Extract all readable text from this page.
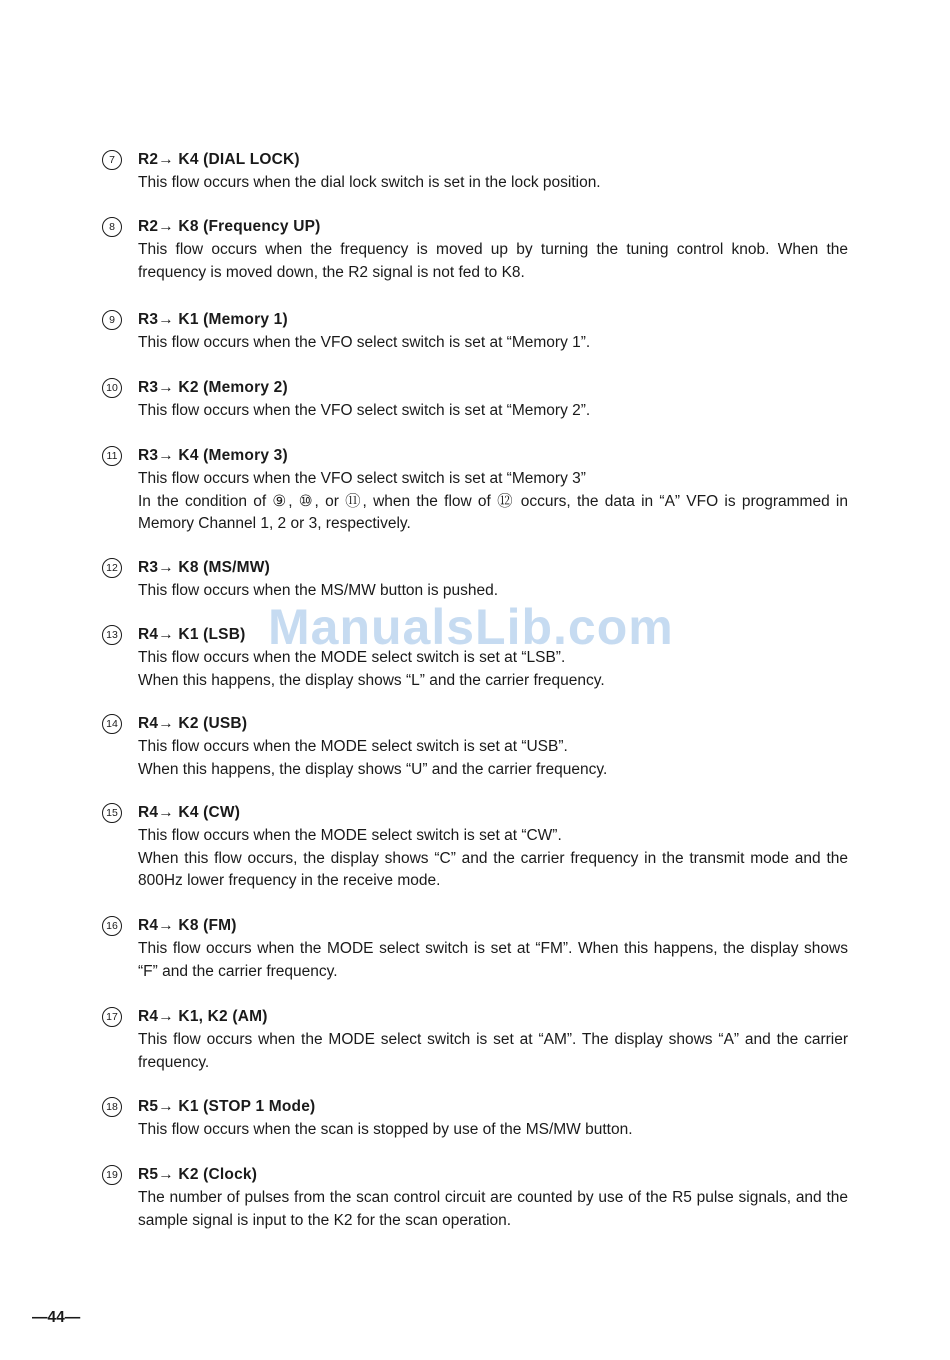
7	R2→ K4 (DIAL LOCK)

This flow occurs when the dial lock switch is set in the lock position.

8	R2→ K8 (Frequency UP)

This flow occurs when the frequency is moved up by turning the tuning control knob. When the frequency is moved down, the R2 signal is not fed to K8.

9	R3→ K1 (Memory 1)

This flow occurs when the VFO select switch is set at “Memory 1”.

10 R3→ K2 (Memory 2)

This flow occurs when the VFO select switch is set at “Memory 2”.

11 R3→ K4 (Memory 3)

This flow occurs when the VFO select switch is set at “Memory 3”

In the condition of ⑨, ⑩, or ⑪, when the flow of ⑫ occurs, the data in “A” VFO is programmed in Memory Channel 1, 2 or 3, respectively.

12 R3→ K8 (MS/MW)

This flow occurs when the MS/MW button is pushed.

13 R4→ K1 (LSB)

This flow occurs when the MODE select switch is set at “LSB”.

When this happens, the display shows “L” and the carrier frequency.

14 R4→ K2 (USB)

This flow occurs when the MODE select switch is set at “USB”.

When this happens, the display shows “U” and the carrier frequency.

15 R4→ K4 (CW)

This flow occurs when the MODE select switch is set at “CW”.

When this flow occurs, the display shows “C” and the carrier frequency in the transmit mode and the 800Hz lower frequency in the receive mode.

16 R4→ K8 (FM)

This flow occurs when the MODE select switch is set at “FM”. When this happens, the display shows “F” and the carrier frequency.

17 R4→ K1, K2 (AM)

This flow occurs when the MODE select switch is set at “AM”. The display shows “A” and the carrier frequency.

18 R5→ K1 (STOP 1 Mode)

This flow occurs when the scan is stopped by use of the MS/MW button.

19 R5→ K2 (Clock)

The number of pulses from the scan control circuit are counted by use of the R5 pulse signals, and the sample signal is input to the K2 for the scan operation.

ManualsLib.com
—44—
